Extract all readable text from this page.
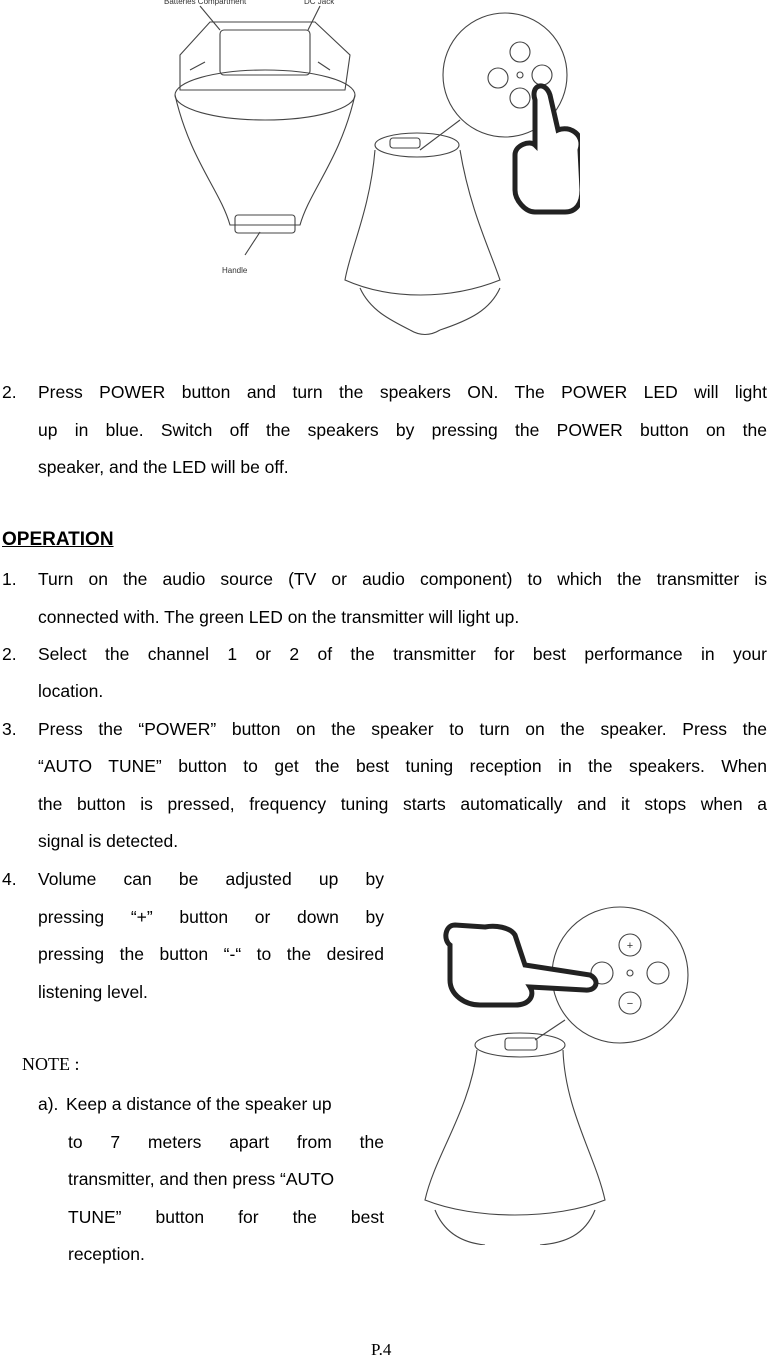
Batteries Compartment	DC Jack
Handle
2. Press POWER button and turn the speakers ON. The POWER LED will light
up in blue. Switch off the speakers by pressing the POWER button on the
speaker, and the LED will be off.
OPERATION
1. Turn on the audio source (TV or audio component) to which the transmitter is
connected with. The green LED on the transmitter will light up.
2. Select the channel 1 or 2 of the transmitter for best performance in your
location.
3. Press the “POWER” button on the speaker to turn on the speaker. Press the
“AUTO TUNE” button to get the best tuning reception in the speakers. When
the button is pressed, frequency tuning starts automatically and it stops when a
signal is detected.
4. Volume can be adjusted up by
pressing “+” button or down by
pressing the button “-“ to the desired
listening level.
NOTE :
a). Keep a distance of the speaker up
to 7 meters apart from the
transmitter, and then press “AUTO
TUNE” button for the best
reception.
+
−
P.4
